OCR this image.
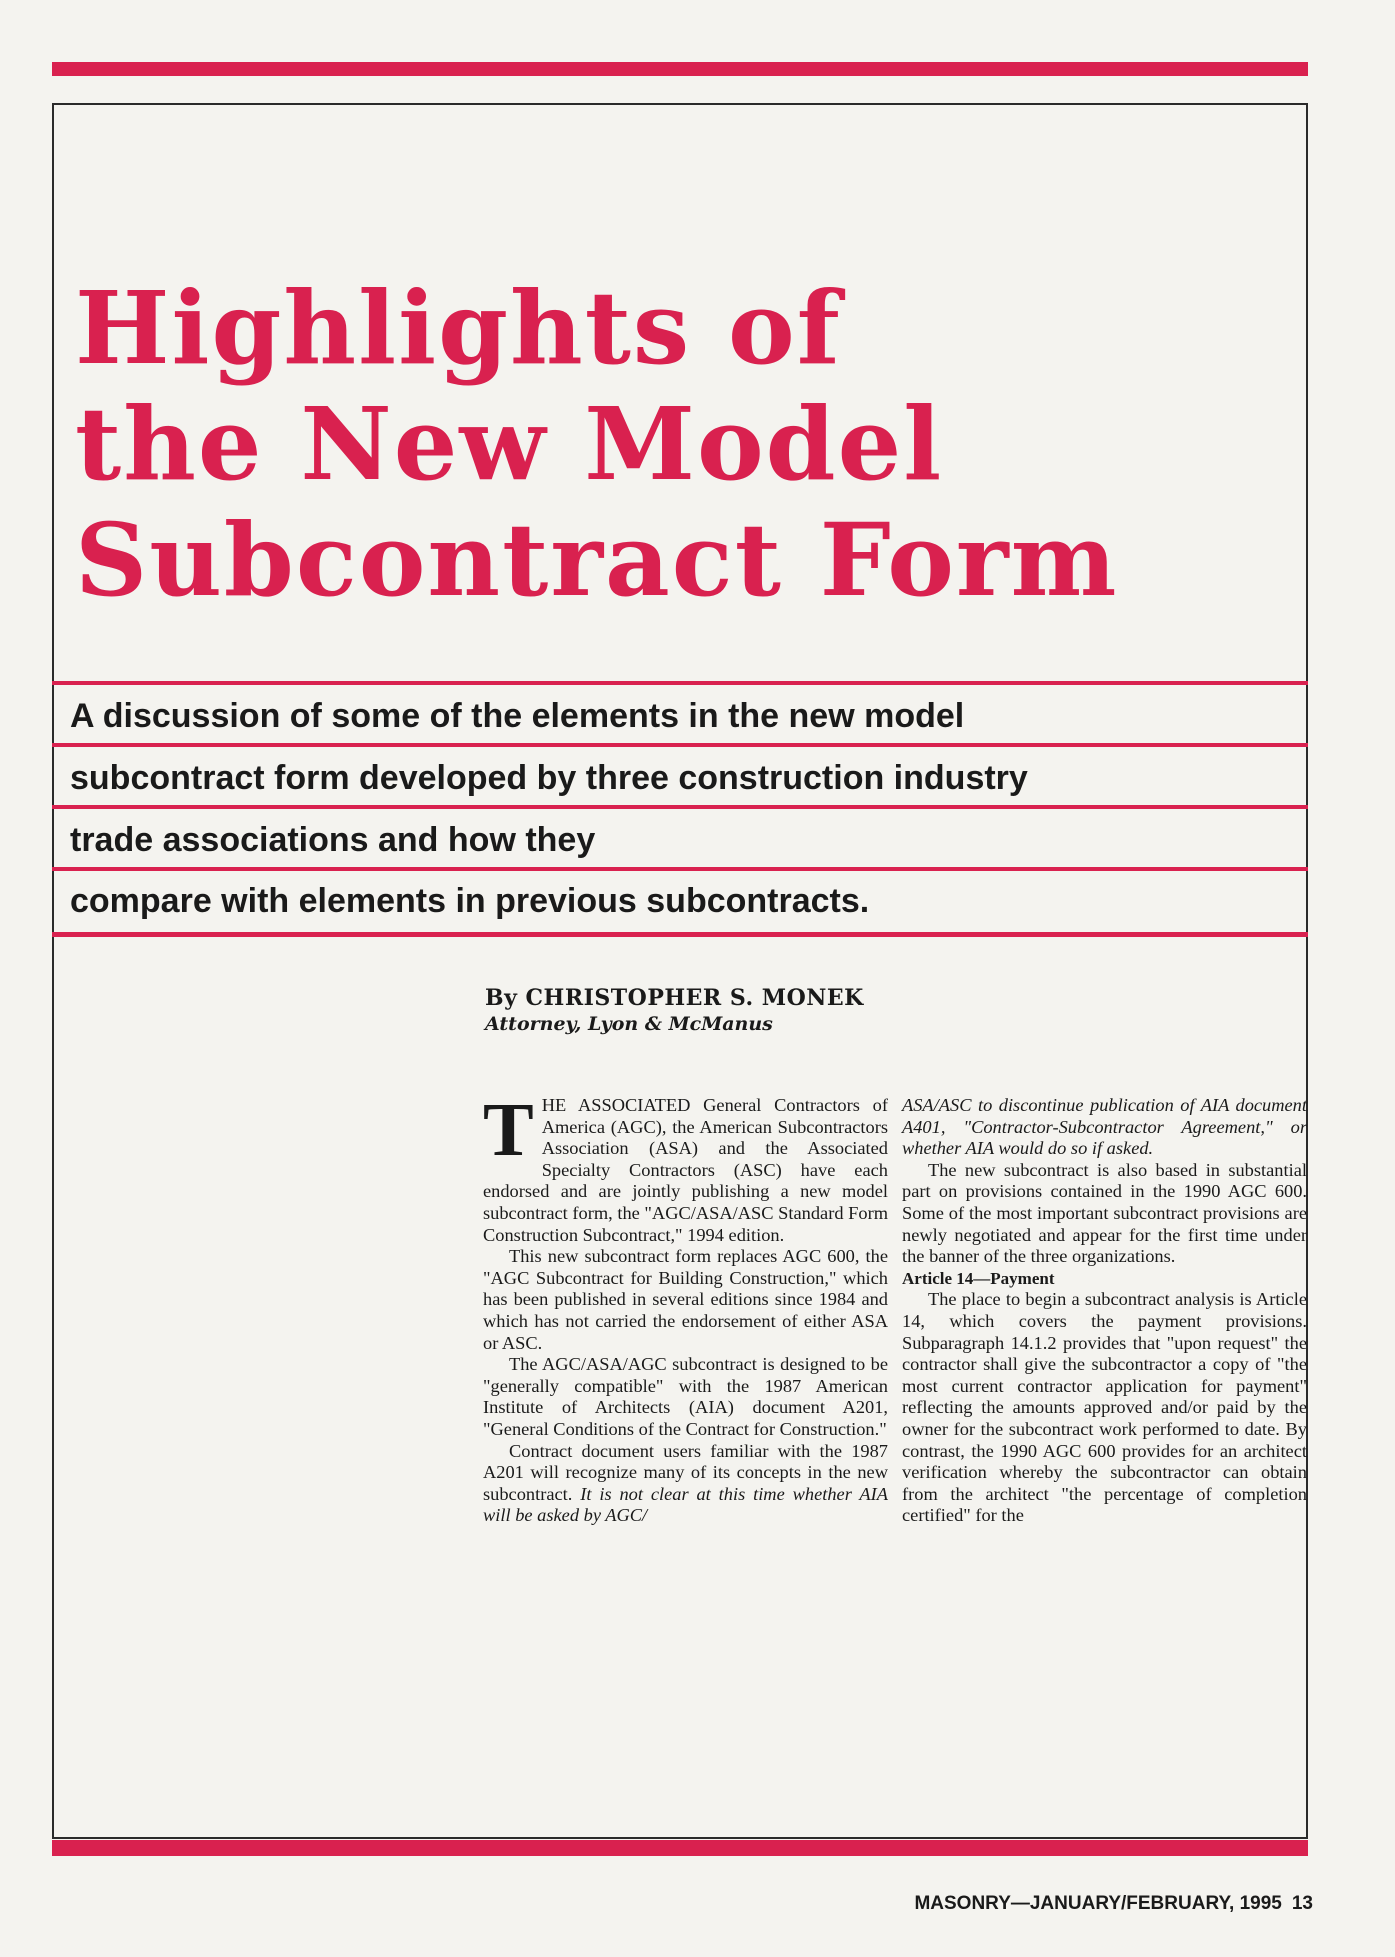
Highlights of
the New Model
Subcontract Form
A discussion of some of the elements in the new model
subcontract form developed by three construction industry
trade associations and how they
compare with elements in previous subcontracts.
By CHRISTOPHER S. MONEK
Attorney, Lyon & McManus

THE ASSOCIATED General Contractors of America (AGC), the American Subcontractors Association (ASA) and the Associated Specialty Contractors (ASC) have each endorsed and are jointly publishing a new model subcontract form, the "AGC/ASA/ASC Standard Form Construction Subcontract," 1994 edition.

This new subcontract form replaces AGC 600, the "AGC Subcontract for Building Construction," which has been published in several editions since 1984 and which has not carried the endorsement of either ASA or ASC.

The AGC/ASA/AGC subcontract is designed to be "generally compatible" with the 1987 American Institute of Architects (AIA) document A201, "General Conditions of the Contract for Construction."

Contract document users familiar with the 1987 A201 will recognize many of its concepts in the new subcontract. It is not clear at this time whether AIA will be asked by AGC/

ASA/ASC to discontinue publication of AIA document A401, "Contractor-Subcontractor Agreement," or whether AIA would do so if asked.

The new subcontract is also based in substantial part on provisions contained in the 1990 AGC 600. Some of the most important subcontract provisions are newly negotiated and appear for the first time under the banner of the three organizations.

Article 14—Payment

The place to begin a subcontract analysis is Article 14, which covers the payment provisions. Subparagraph 14.1.2 provides that "upon request" the contractor shall give the subcontractor a copy of "the most current contractor application for payment" reflecting the amounts approved and/or paid by the owner for the subcontract work performed to date. By contrast, the 1990 AGC 600 provides for an architect verification whereby the subcontractor can obtain from the architect "the percentage of completion certified" for the

MASONRY—JANUARY/FEBRUARY, 1995 13
